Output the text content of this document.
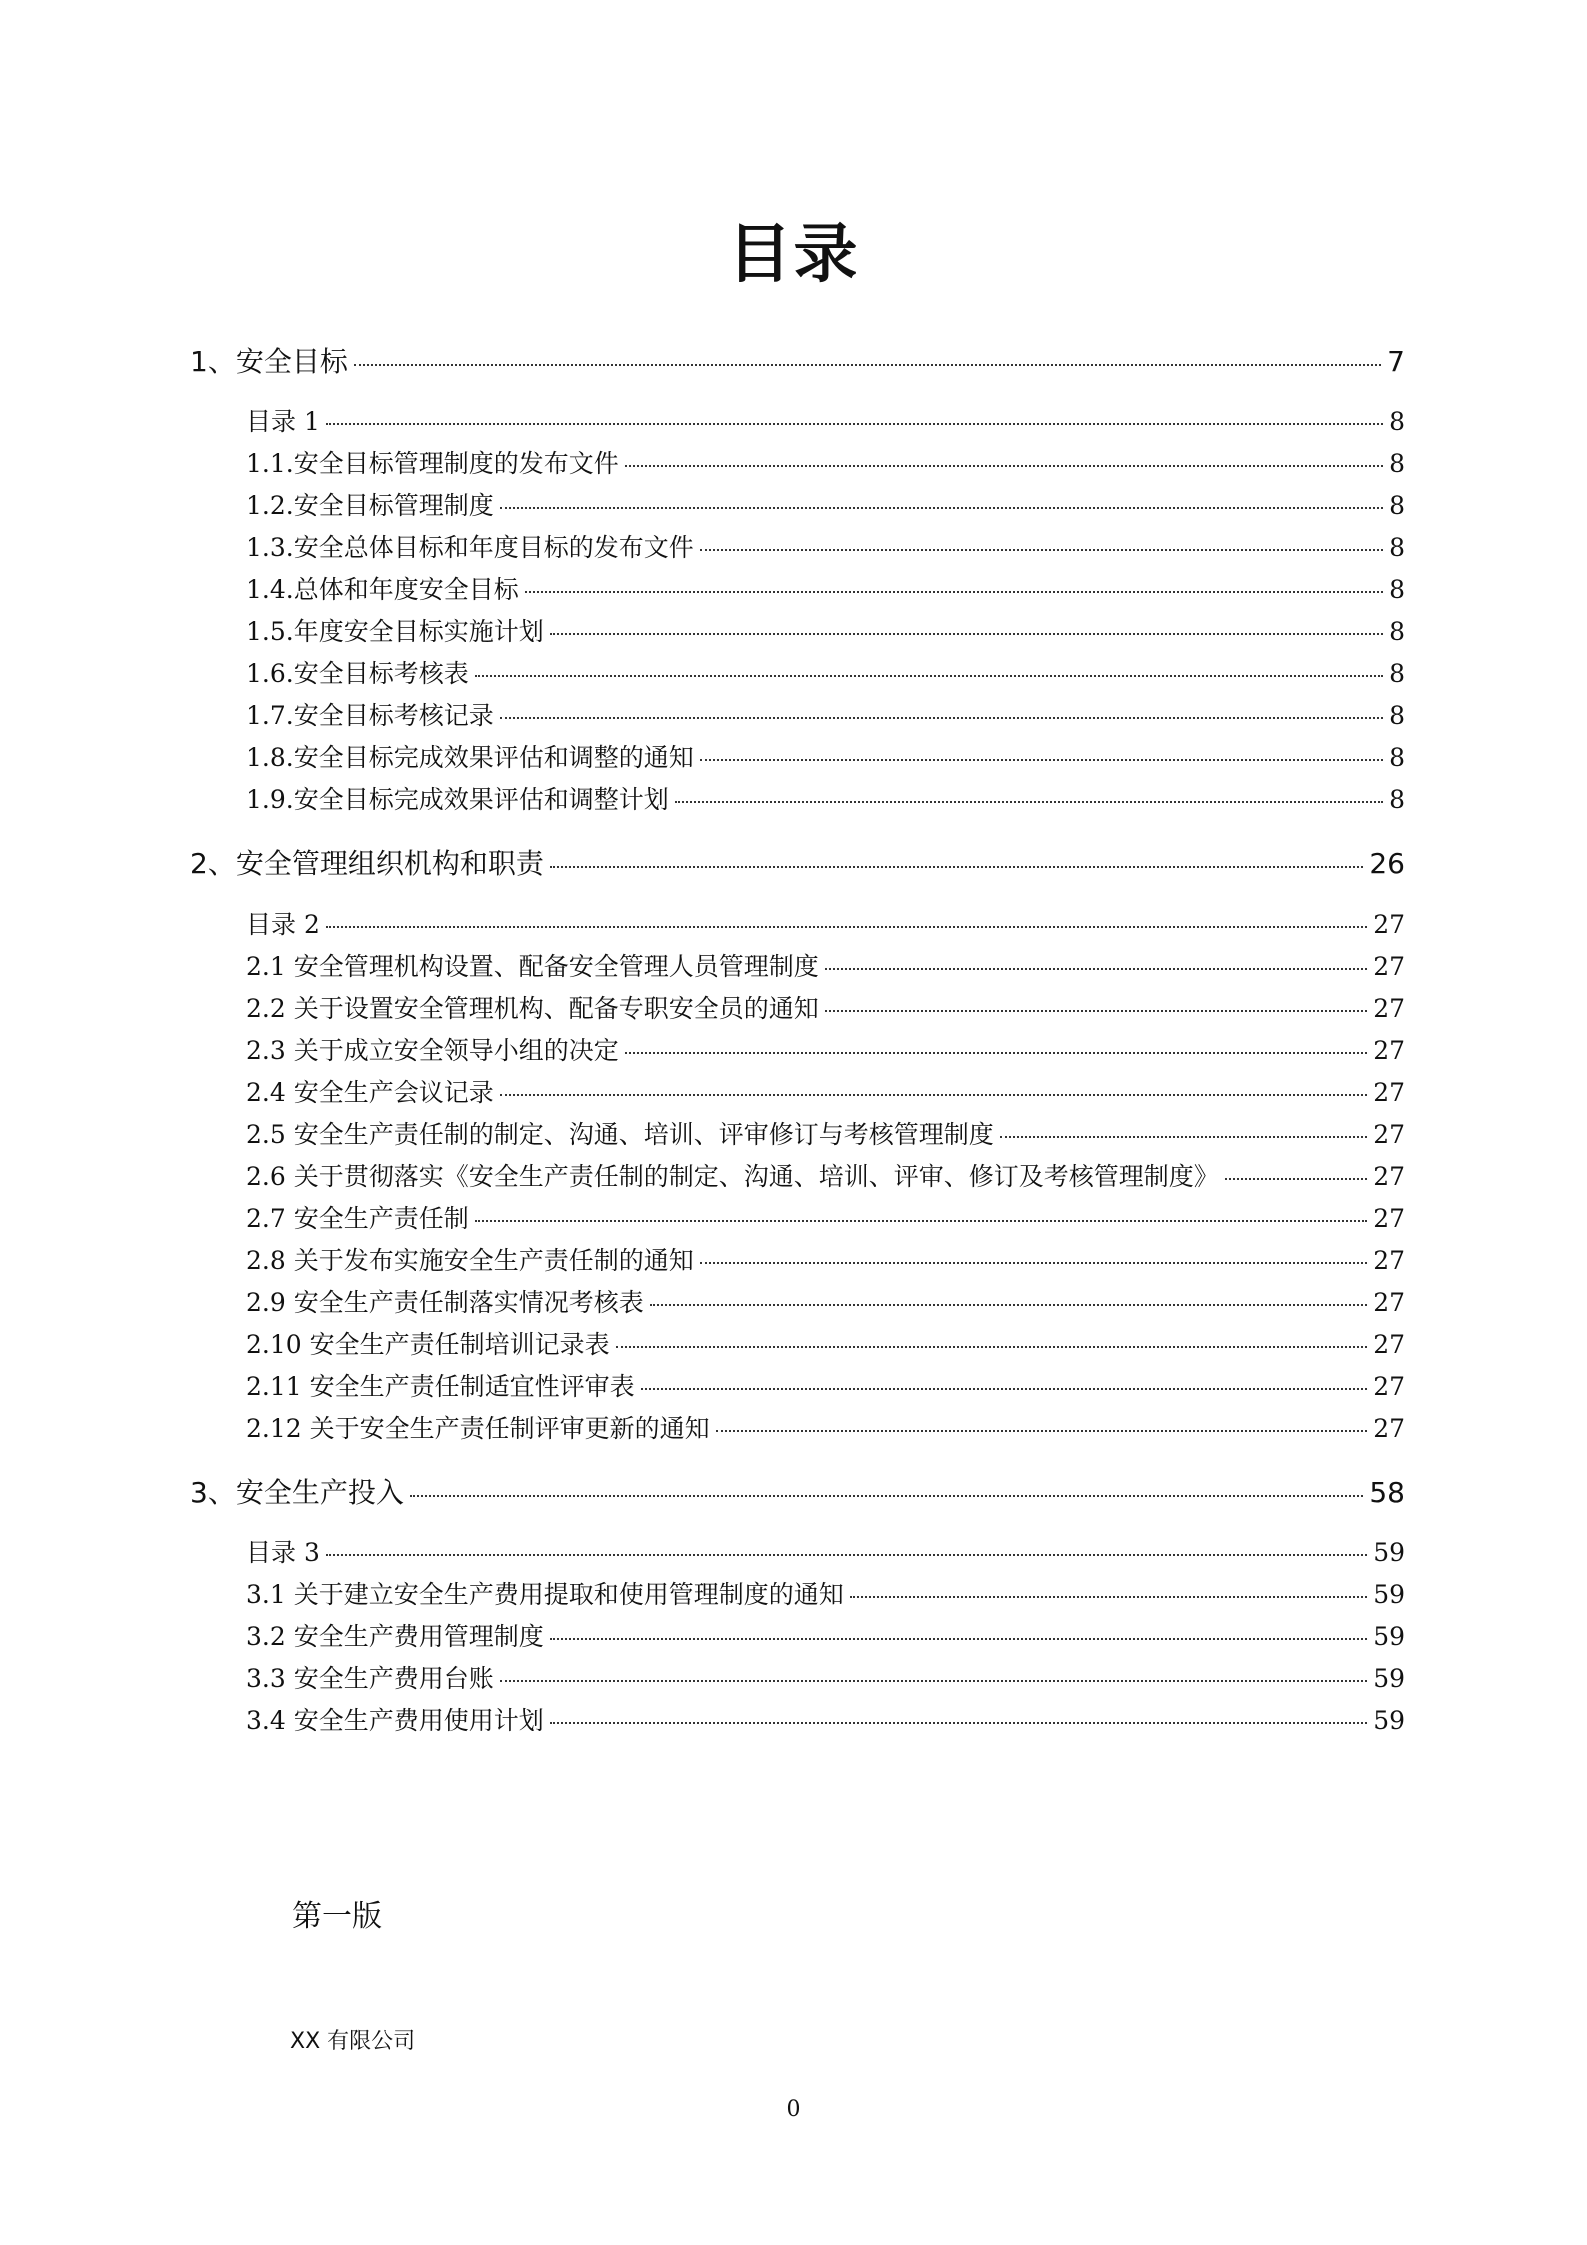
目录
1、安全目标	7
目录 1	8
1.1.安全目标管理制度的发布文件	8
1.2.安全目标管理制度	8
1.3.安全总体目标和年度目标的发布文件	8
1.4.总体和年度安全目标	8
1.5.年度安全目标实施计划	8
1.6.安全目标考核表	8
1.7.安全目标考核记录	8
1.8.安全目标完成效果评估和调整的通知	8
1.9.安全目标完成效果评估和调整计划	8
2、安全管理组织机构和职责	26
目录 2	27
2.1 安全管理机构设置、配备安全管理人员管理制度	27
2.2 关于设置安全管理机构、配备专职安全员的通知	27
2.3 关于成立安全领导小组的决定	27
2.4 安全生产会议记录	27
2.5 安全生产责任制的制定、沟通、培训、评审修订与考核管理制度	27
2.6 关于贯彻落实《安全生产责任制的制定、沟通、培训、评审、修订及考核管理制度》	27
2.7 安全生产责任制	27
2.8 关于发布实施安全生产责任制的通知	27
2.9 安全生产责任制落实情况考核表	27
2.10 安全生产责任制培训记录表	27
2.11 安全生产责任制适宜性评审表	27
2.12 关于安全生产责任制评审更新的通知	27
3、安全生产投入	58
目录 3	59
3.1 关于建立安全生产费用提取和使用管理制度的通知	59
3.2 安全生产费用管理制度	59
3.3 安全生产费用台账	59
3.4 安全生产费用使用计划	59
第一版
XX 有限公司
0
